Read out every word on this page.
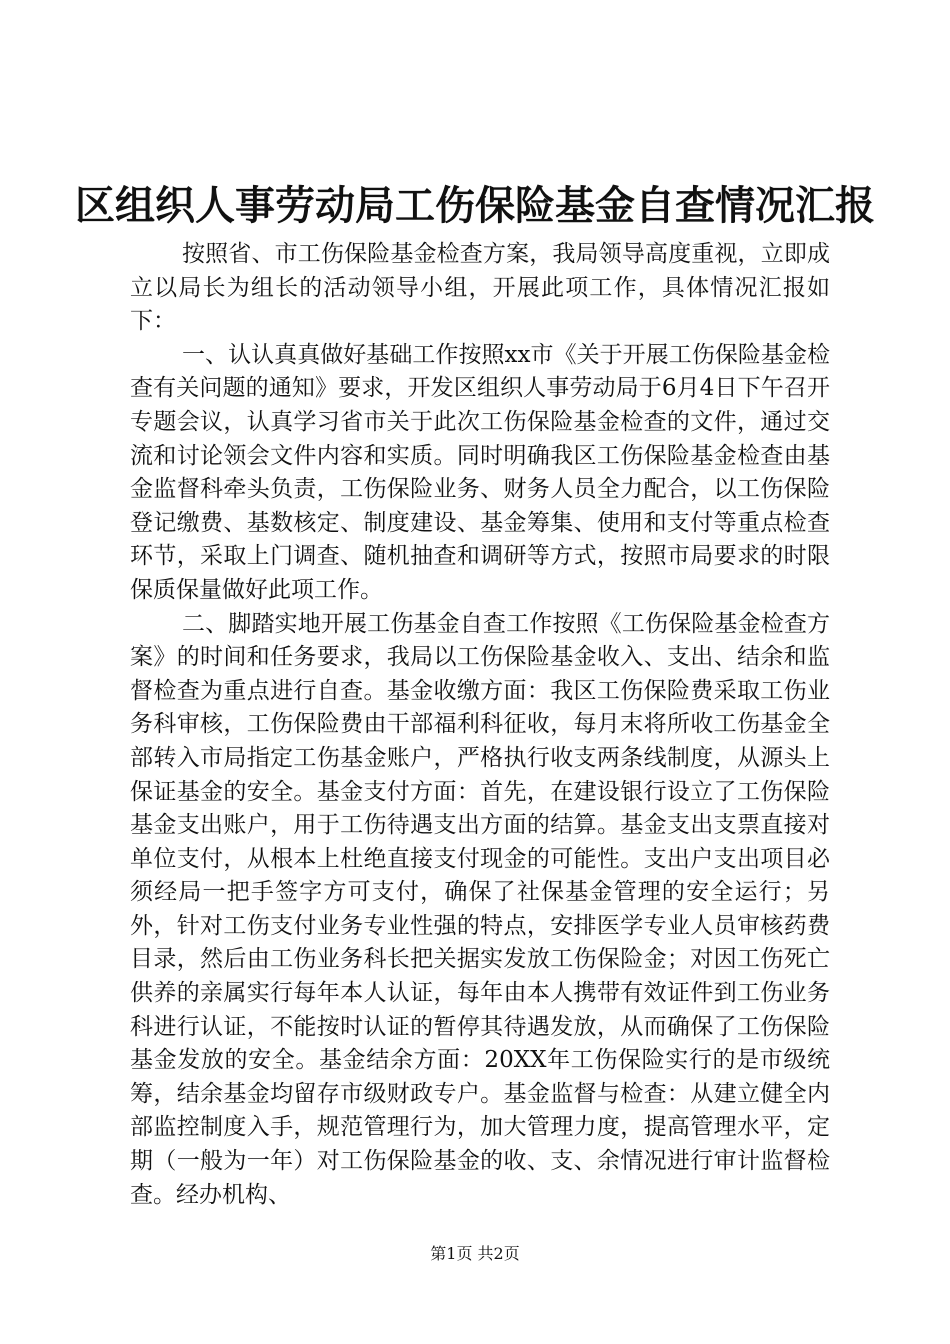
区组织人事劳动局工伤保险基金自查情况汇报

按照省、市工伤保险基金检查方案，我局领导高度重视，立即成立以局长为组长的活动领导小组，开展此项工作，具体情况汇报如下：

一、认认真真做好基础工作按照xx市《关于开展工伤保险基金检查有关问题的通知》要求，开发区组织人事劳动局于6月4日下午召开专题会议，认真学习省市关于此次工伤保险基金检查的文件，通过交流和讨论领会文件内容和实质。同时明确我区工伤保险基金检查由基金监督科牵头负责，工伤保险业务、财务人员全力配合，以工伤保险登记缴费、基数核定、制度建设、基金筹集、使用和支付等重点检查环节，采取上门调查、随机抽查和调研等方式，按照市局要求的时限保质保量做好此项工作。

二、脚踏实地开展工伤基金自查工作按照《工伤保险基金检查方案》的时间和任务要求，我局以工伤保险基金收入、支出、结余和监督检查为重点进行自查。基金收缴方面：我区工伤保险费采取工伤业务科审核，工伤保险费由干部福利科征收，每月末将所收工伤基金全部转入市局指定工伤基金账户，严格执行收支两条线制度，从源头上保证基金的安全。基金支付方面：首先，在建设银行设立了工伤保险基金支出账户，用于工伤待遇支出方面的结算。基金支出支票直接对单位支付，从根本上杜绝直接支付现金的可能性。支出户支出项目必须经局一把手签字方可支付，确保了社保基金管理的安全运行；另外，针对工伤支付业务专业性强的特点，安排医学专业人员审核药费目录，然后由工伤业务科长把关据实发放工伤保险金；对因工伤死亡供养的亲属实行每年本人认证，每年由本人携带有效证件到工伤业务科进行认证，不能按时认证的暂停其待遇发放，从而确保了工伤保险基金发放的安全。基金结余方面：20XX年工伤保险实行的是市级统筹，结余基金均留存市级财政专户。基金监督与检查：从建立健全内部监控制度入手，规范管理行为，加大管理力度，提高管理水平，定期（一般为一年）对工伤保险基金的收、支、余情况进行审计监督检查。经办机构、

第1页 共2页
